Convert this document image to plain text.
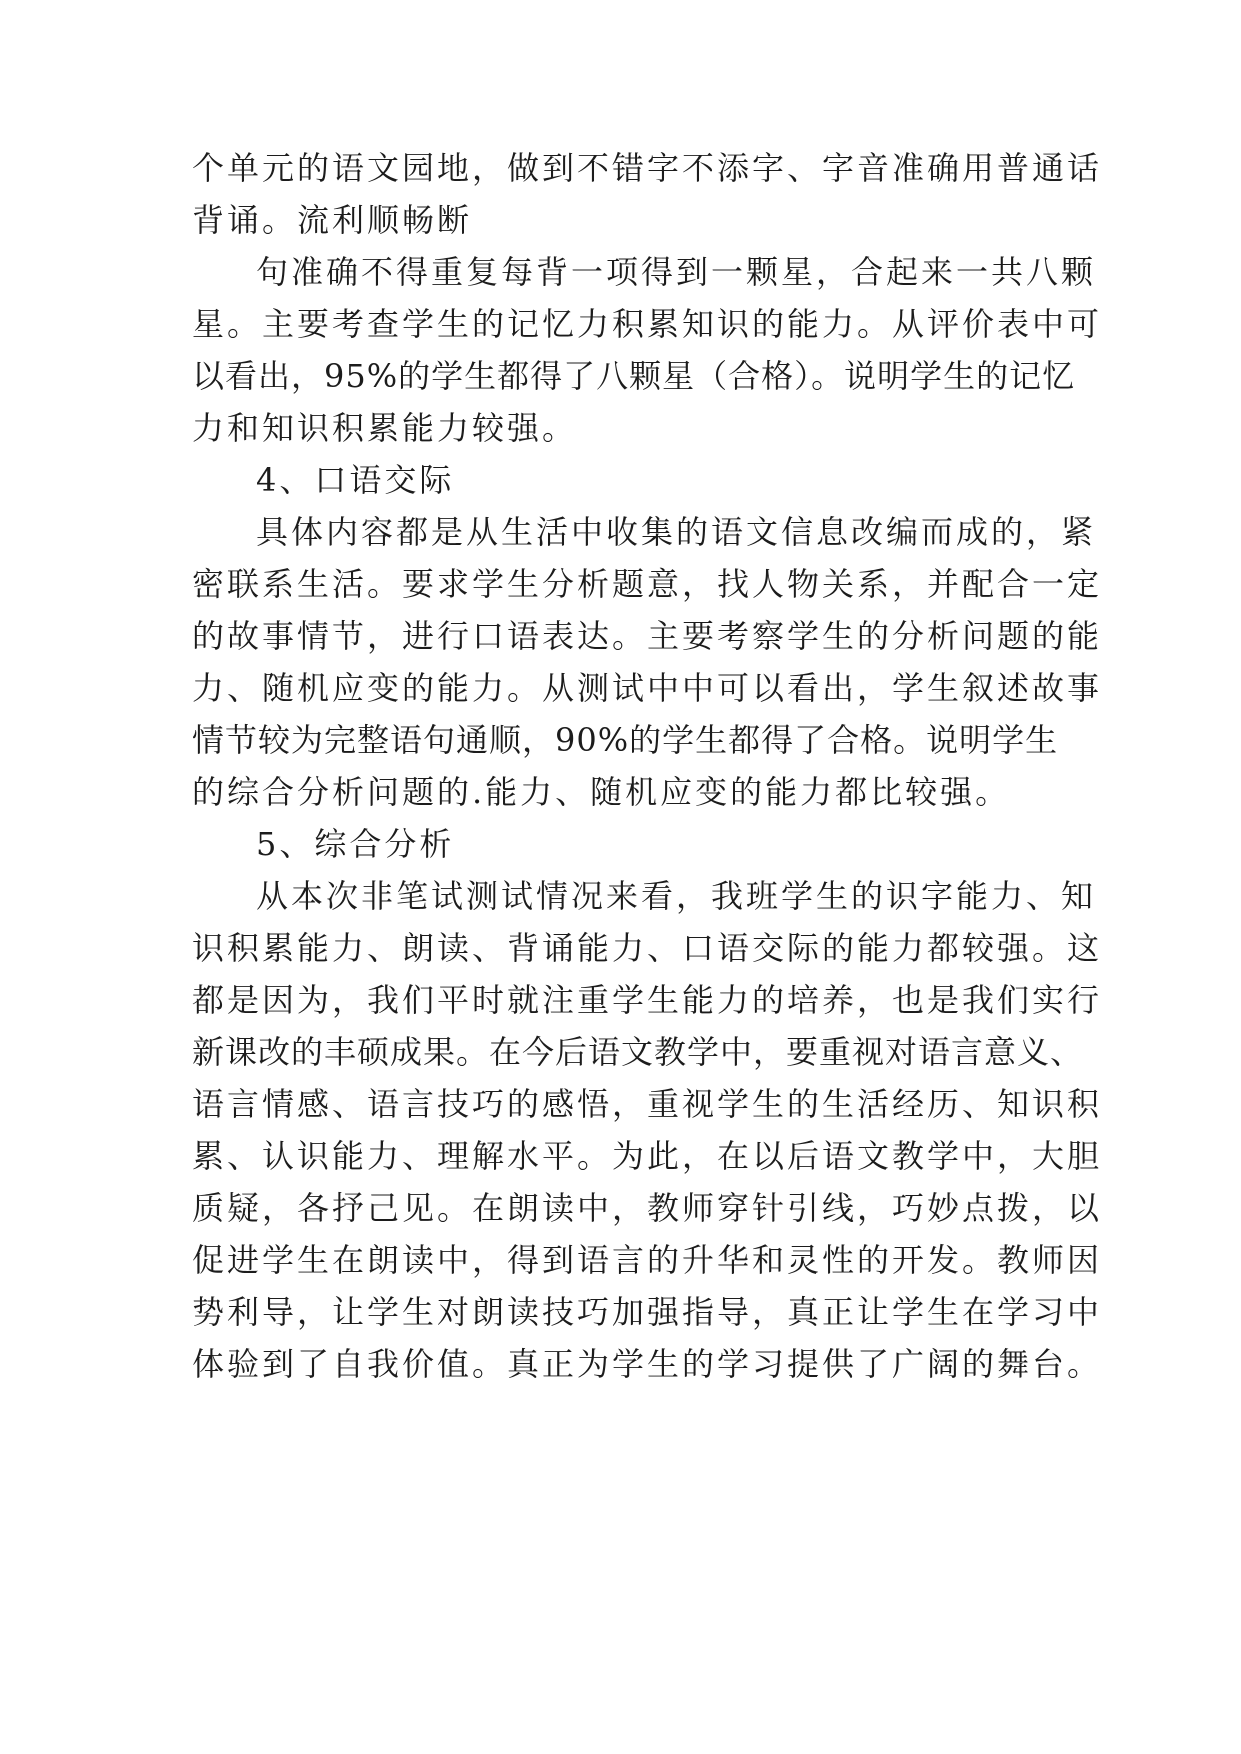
个单元的语文园地，做到不错字不添字、字音准确用普通话

背诵。流利顺畅断

句准确不得重复每背一项得到一颗星，合起来一共八颗

星。主要考查学生的记忆力积累知识的能力。从评价表中可

以看出，95%的学生都得了八颗星（合格）。说明学生的记忆

力和知识积累能力较强。

4、口语交际

具体内容都是从生活中收集的语文信息改编而成的，紧

密联系生活。要求学生分析题意，找人物关系，并配合一定

的故事情节，进行口语表达。主要考察学生的分析问题的能

力、随机应变的能力。从测试中中可以看出，学生叙述故事

情节较为完整语句通顺，90%的学生都得了合格。说明学生

的综合分析问题的.能力、随机应变的能力都比较强。

5、综合分析

从本次非笔试测试情况来看，我班学生的识字能力、知

识积累能力、朗读、背诵能力、口语交际的能力都较强。这

都是因为，我们平时就注重学生能力的培养，也是我们实行

新课改的丰硕成果。在今后语文教学中，要重视对语言意义、

语言情感、语言技巧的感悟，重视学生的生活经历、知识积

累、认识能力、理解水平。为此，在以后语文教学中，大胆

质疑，各抒己见。在朗读中，教师穿针引线，巧妙点拨，以

促进学生在朗读中，得到语言的升华和灵性的开发。教师因

势利导，让学生对朗读技巧加强指导，真正让学生在学习中

体验到了自我价值。真正为学生的学习提供了广阔的舞台。
